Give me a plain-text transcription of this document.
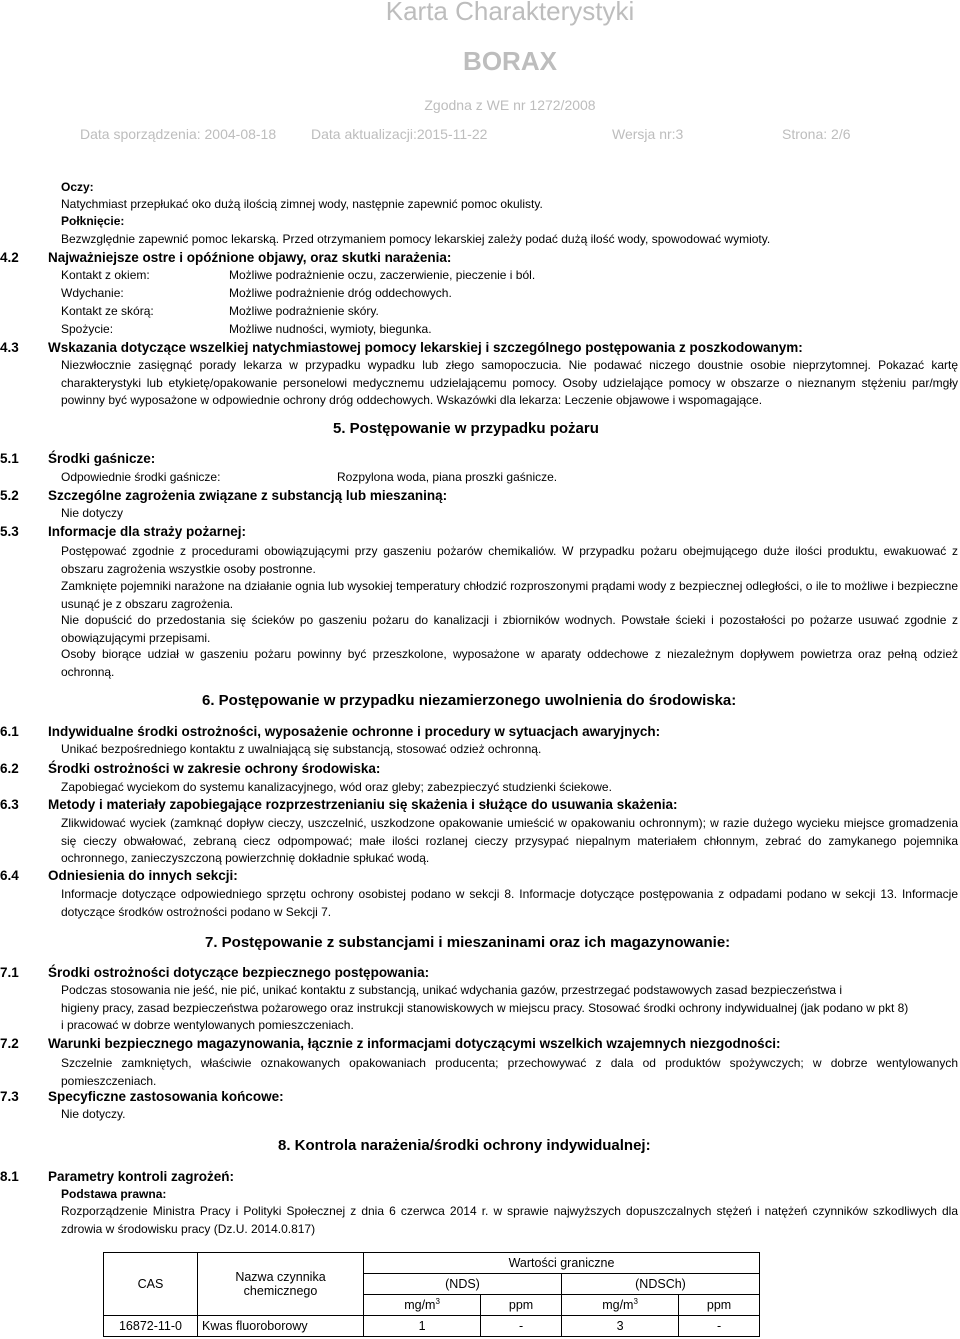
Karta Charakterystyki
BORAX
Zgodna z WE nr 1272/2008
Data sporządzenia: 2004-08-18 Data aktualizacji:2015-11-22	Wersja nr:3	Strona: 2/6
Oczy:
Natychmiast przepłukać oko dużą ilością zimnej wody, następnie zapewnić pomoc okulisty.
Połknięcie:
Bezwzględnie zapewnić pomoc lekarską. Przed otrzymaniem pomocy lekarskiej zależy podać dużą ilość wody, spowodować wymioty.
4.2 Najważniejsze ostre i opóźnione objawy, oraz skutki narażenia:
Kontakt z okiem:	Możliwe podrażnienie oczu, zaczerwienie, pieczenie i ból.
Wdychanie:	Możliwe podrażnienie dróg oddechowych.
Kontakt ze skórą:	Możliwe podrażnienie skóry.
Spożycie:	Możliwe nudności, wymioty, biegunka.
4.3 Wskazania dotyczące wszelkiej natychmiastowej pomocy lekarskiej i szczególnego postępowania z poszkodowanym:
Niezwłocznie zasięgnąć porady lekarza w przypadku wypadku lub złego samopoczucia. Nie podawać niczego doustnie osobie nieprzytomnej. Pokazać kartę charakterystyki lub etykietę/opakowanie personelowi medycznemu udzielającemu pomocy. Osoby udzielające pomocy w obszarze o nieznanym stężeniu par/mgły powinny być wyposażone w odpowiednie ochrony dróg oddechowych. Wskazówki dla lekarza: Leczenie objawowe i wspomagające.
5. Postępowanie w przypadku pożaru
5.1 Środki gaśnicze:
Odpowiednie środki gaśnicze:	Rozpylona woda, piana proszki gaśnicze.
5.2 Szczególne zagrożenia związane z substancją lub mieszaniną:
Nie dotyczy
5.3 Informacje dla straży pożarnej:
Postępować zgodnie z procedurami obowiązującymi przy gaszeniu pożarów chemikaliów. W przypadku pożaru obejmującego duże ilości produktu, ewakuować z obszaru zagrożenia wszystkie osoby postronne.
Zamknięte pojemniki narażone na działanie ognia lub wysokiej temperatury chłodzić rozproszonymi prądami wody z bezpiecznej odległości, o ile to możliwe i bezpieczne usunąć je z obszaru zagrożenia.
Nie dopuścić do przedostania się ścieków po gaszeniu pożaru do kanalizacji i zbiorników wodnych. Powstałe ścieki i pozostałości po pożarze usuwać zgodnie z obowiązującymi przepisami.
Osoby biorące udział w gaszeniu pożaru powinny być przeszkolone, wyposażone w aparaty oddechowe z niezależnym dopływem powietrza oraz pełną odzież ochronną.
6. Postępowanie w przypadku niezamierzonego uwolnienia do środowiska:
6.1 Indywidualne środki ostrożności, wyposażenie ochronne i procedury w sytuacjach awaryjnych:
Unikać bezpośredniego kontaktu z uwalniającą się substancją, stosować odzież ochronną.
6.2 Środki ostrożności w zakresie ochrony środowiska:
Zapobiegać wyciekom do systemu kanalizacyjnego, wód oraz gleby; zabezpieczyć studzienki ściekowe.
6.3 Metody i materiały zapobiegające rozprzestrzenianiu się skażenia i służące do usuwania skażenia:
Zlikwidować wyciek (zamknąć dopływ cieczy, uszczelnić, uszkodzone opakowanie umieścić w opakowaniu ochronnym); w razie dużego wycieku miejsce gromadzenia się cieczy obwałować, zebraną ciecz odpompować; małe ilości rozlanej cieczy przysypać niepalnym materiałem chłonnym, zebrać do zamykanego pojemnika ochronnego, zanieczyszczoną powierzchnię dokładnie spłukać wodą.
6.4 Odniesienia do innych sekcji:
Informacje dotyczące odpowiedniego sprzętu ochrony osobistej podano w sekcji 8. Informacje dotyczące postępowania z odpadami podano w sekcji 13. Informacje dotyczące środków ostrożności podano w Sekcji 7.
7. Postępowanie z substancjami i mieszaninami oraz ich magazynowanie:
7.1 Środki ostrożności dotyczące bezpiecznego postępowania:
Podczas stosowania nie jeść, nie pić, unikać kontaktu z substancją, unikać wdychania gazów, przestrzegać podstawowych zasad bezpieczeństwa i
higieny pracy, zasad bezpieczeństwa pożarowego oraz instrukcji stanowiskowych w miejscu pracy. Stosować środki ochrony indywidualnej (jak podano w pkt 8)
i pracować w dobrze wentylowanych pomieszczeniach.
7.2 Warunki bezpiecznego magazynowania, łącznie z informacjami dotyczącymi wszelkich wzajemnych niezgodności:
Szczelnie zamkniętych, właściwie oznakowanych opakowaniach producenta; przechowywać z dala od produktów spożywczych; w dobrze wentylowanych pomieszczeniach.
7.3 Specyficzne zastosowania końcowe:
Nie dotyczy.
8. Kontrola narażenia/środki ochrony indywidualnej:
8.1 Parametry kontroli zagrożeń:
Podstawa prawna:
Rozporządzenie Ministra Pracy i Polityki Społecznej z dnia 6 czerwca 2014 r. w sprawie najwyższych dopuszczalnych stężeń i natężeń czynników szkodliwych dla zdrowia w środowisku pracy (Dz.U. 2014.0.817)
CAS	Nazwa czynnika chemicznego	Wartości graniczne			
		(NDS)		(NDSCh)	
		$mg/m^3$	ppm	$mg/m^3$	ppm
16872-11-0	Kwas fluoroborowy	1	-	3	-
